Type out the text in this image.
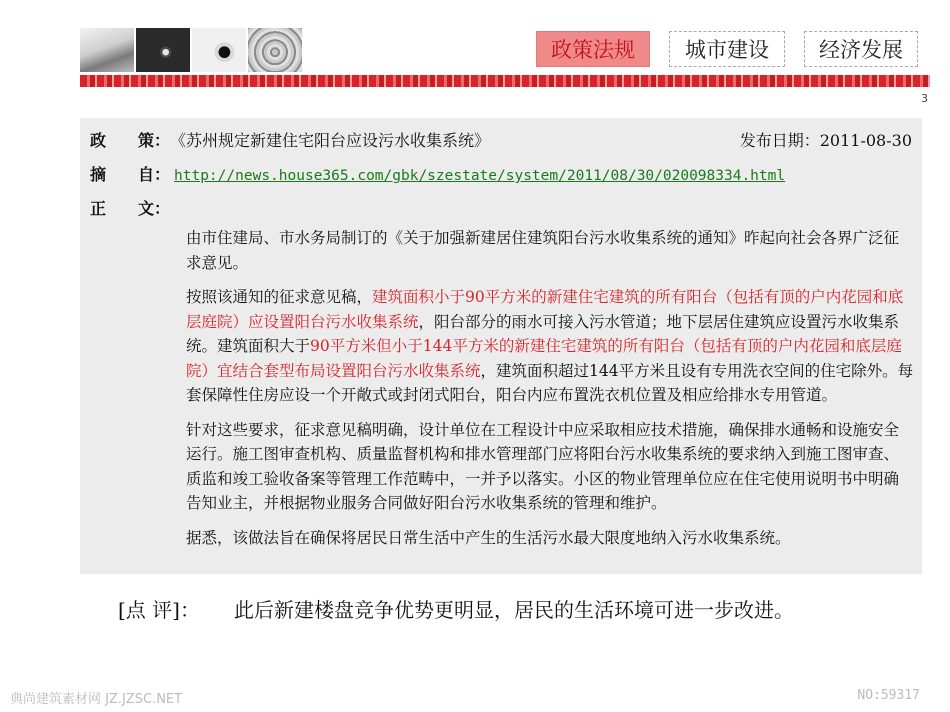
政策法规	城市建设	经济发展
3
政　　策： 《苏州规定新建住宅阳台应设污水收集系统》	发布日期：2011-08-30
摘　　自： http://news.house365.com/gbk/szestate/system/2011/08/30/020098334.html
正　　文：

由市住建局、市水务局制订的《关于加强新建居住建筑阳台污水收集系统的通知》昨起向社会各界广泛征求意见。

按照该通知的征求意见稿，建筑面积小于90平方米的新建住宅建筑的所有阳台（包括有顶的户内花园和底层庭院）应设置阳台污水收集系统，阳台部分的雨水可接入污水管道；地下层居住建筑应设置污水收集系统。建筑面积大于90平方米但小于144平方米的新建住宅建筑的所有阳台（包括有顶的户内花园和底层庭院）宜结合套型布局设置阳台污水收集系统，建筑面积超过144平方米且设有专用洗衣空间的住宅除外。每套保障性住房应设一个开敞式或封闭式阳台，阳台内应布置洗衣机位置及相应给排水专用管道。

针对这些要求，征求意见稿明确，设计单位在工程设计中应采取相应技术措施，确保排水通畅和设施安全运行。施工图审查机构、质量监督机构和排水管理部门应将阳台污水收集系统的要求纳入到施工图审查、质监和竣工验收备案等管理工作范畴中，一并予以落实。小区的物业管理单位应在住宅使用说明书中明确告知业主，并根据物业服务合同做好阳台污水收集系统的管理和维护。

据悉，该做法旨在确保将居民日常生活中产生的生活污水最大限度地纳入污水收集系统。

[点 评]： 此后新建楼盘竞争优势更明显，居民的生活环境可进一步改进。
典尚建筑素材网 JZ.JZSC.NET	NO:59317
